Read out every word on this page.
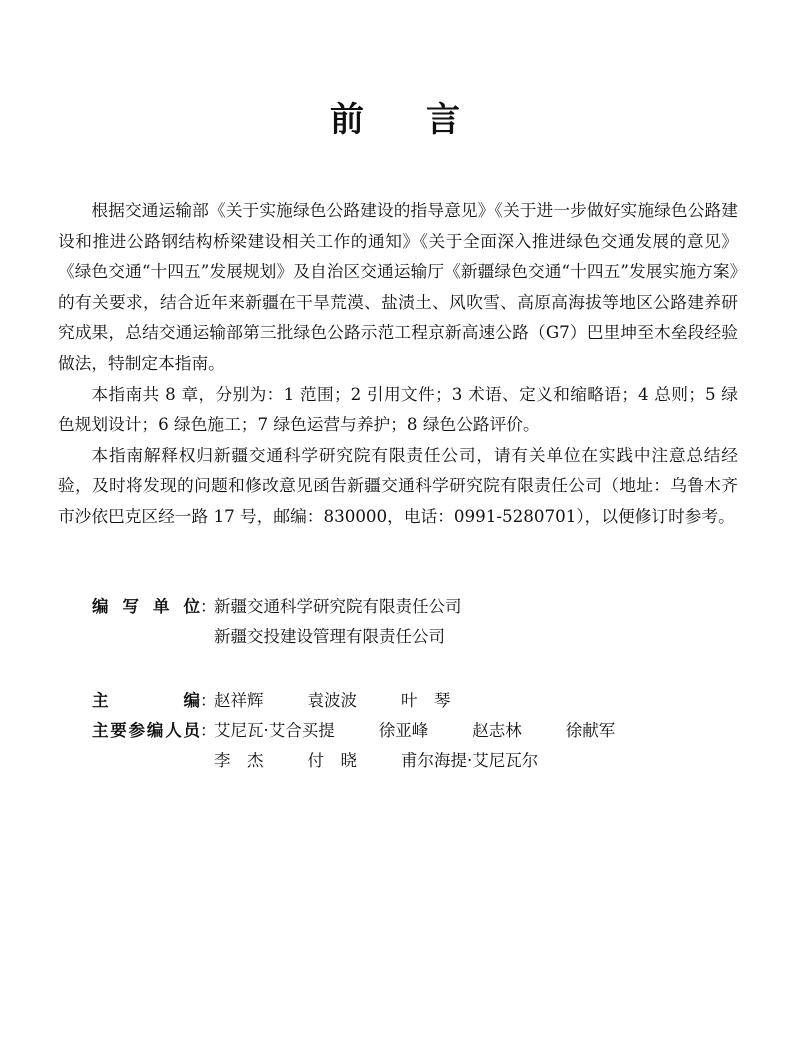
前 言

根据交通运输部《关于实施绿色公路建设的指导意见》《关于进一步做好实施绿色公路建设和推进公路钢结构桥梁建设相关工作的通知》《关于全面深入推进绿色交通发展的意见》《绿色交通“十四五”发展规划》及自治区交通运输厅《新疆绿色交通“十四五”发展实施方案》的有关要求，结合近年来新疆在干旱荒漠、盐渍土、风吹雪、高原高海拔等地区公路建养研究成果，总结交通运输部第三批绿色公路示范工程京新高速公路（G7）巴里坤至木垒段经验做法，特制定本指南。

本指南共 8 章，分别为：1 范围；2 引用文件；3 术语、定义和缩略语；4 总则；5 绿色规划设计；6 绿色施工；7 绿色运营与养护；8 绿色公路评价。

本指南解释权归新疆交通科学研究院有限责任公司，请有关单位在实践中注意总结经验，及时将发现的问题和修改意见函告新疆交通科学研究院有限责任公司（地址：乌鲁木齐市沙依巴克区经一路 17 号，邮编：830000，电话：0991-5280701），以便修订时参考。

编写单位 ：
新疆交通科学研究院有限责任公司
新疆交投建设管理有限责任公司
主编 ：
赵祥辉	袁波波	叶　琴
主要参编人员 ：
艾尼瓦·艾合买提	徐亚峰	赵志林	徐献军
李　杰	付　晓	甫尔海提·艾尼瓦尔
